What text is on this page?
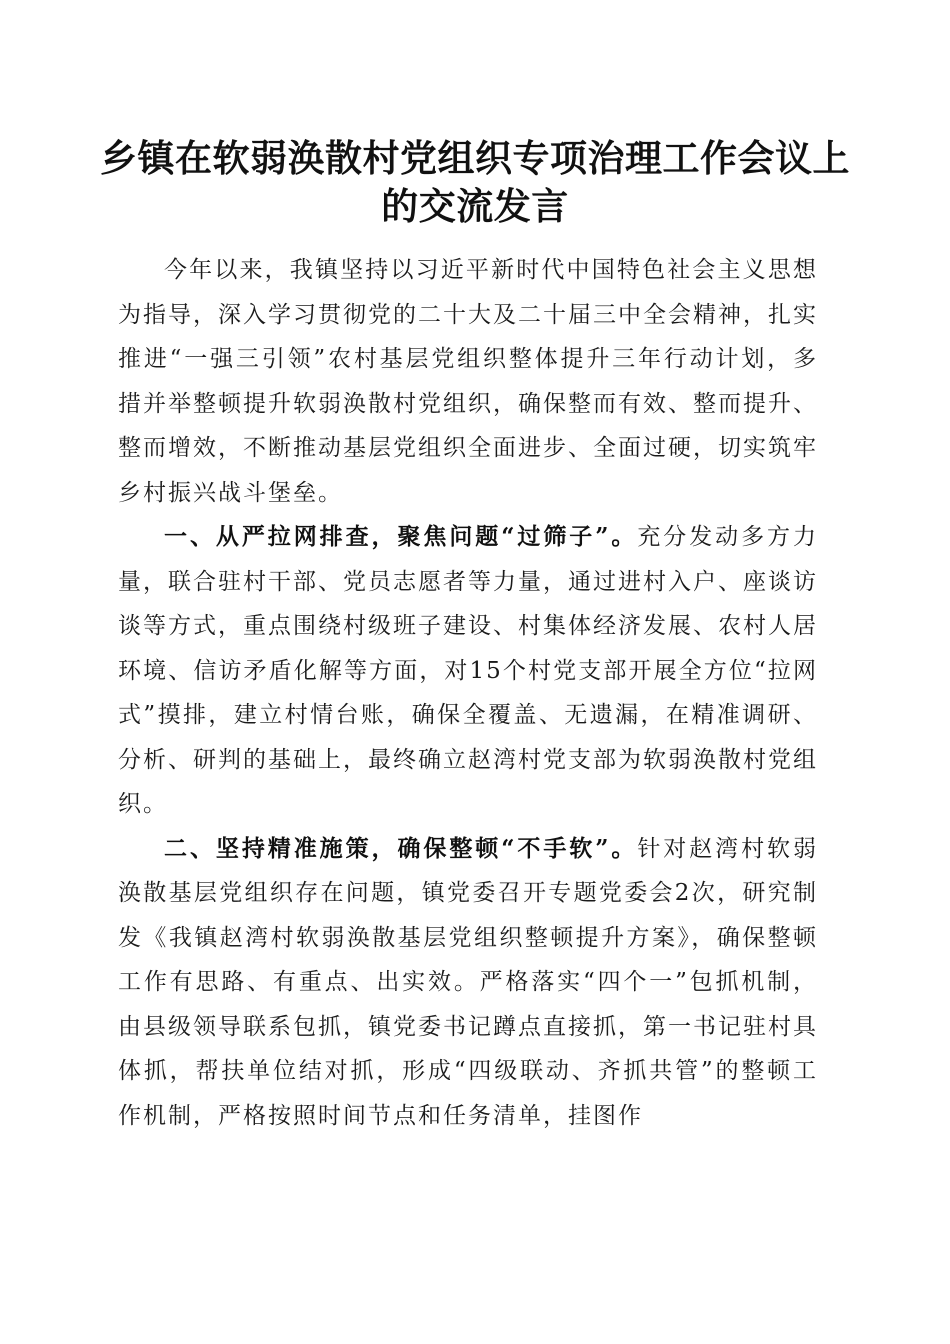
乡镇在软弱涣散村党组织专项治理工作会议上的交流发言

今年以来，我镇坚持以习近平新时代中国特色社会主义思想为指导，深入学习贯彻党的二十大及二十届三中全会精神，扎实推进“一强三引领”农村基层党组织整体提升三年行动计划，多措并举整顿提升软弱涣散村党组织，确保整而有效、整而提升、整而增效，不断推动基层党组织全面进步、全面过硬，切实筑牢乡村振兴战斗堡垒。

一、从严拉网排查，聚焦问题“过筛子”。充分发动多方力量，联合驻村干部、党员志愿者等力量，通过进村入户、座谈访谈等方式，重点围绕村级班子建设、村集体经济发展、农村人居环境、信访矛盾化解等方面，对15个村党支部开展全方位“拉网式”摸排，建立村情台账，确保全覆盖、无遗漏，在精准调研、分析、研判的基础上，最终确立赵湾村党支部为软弱涣散村党组织。

二、坚持精准施策，确保整顿“不手软”。针对赵湾村软弱涣散基层党组织存在问题，镇党委召开专题党委会2次，研究制发《我镇赵湾村软弱涣散基层党组织整顿提升方案》，确保整顿工作有思路、有重点、出实效。严格落实“四个一”包抓机制，由县级领导联系包抓，镇党委书记蹲点直接抓，第一书记驻村具体抓，帮扶单位结对抓，形成“四级联动、齐抓共管”的整顿工作机制，严格按照时间节点和任务清单，挂图作
